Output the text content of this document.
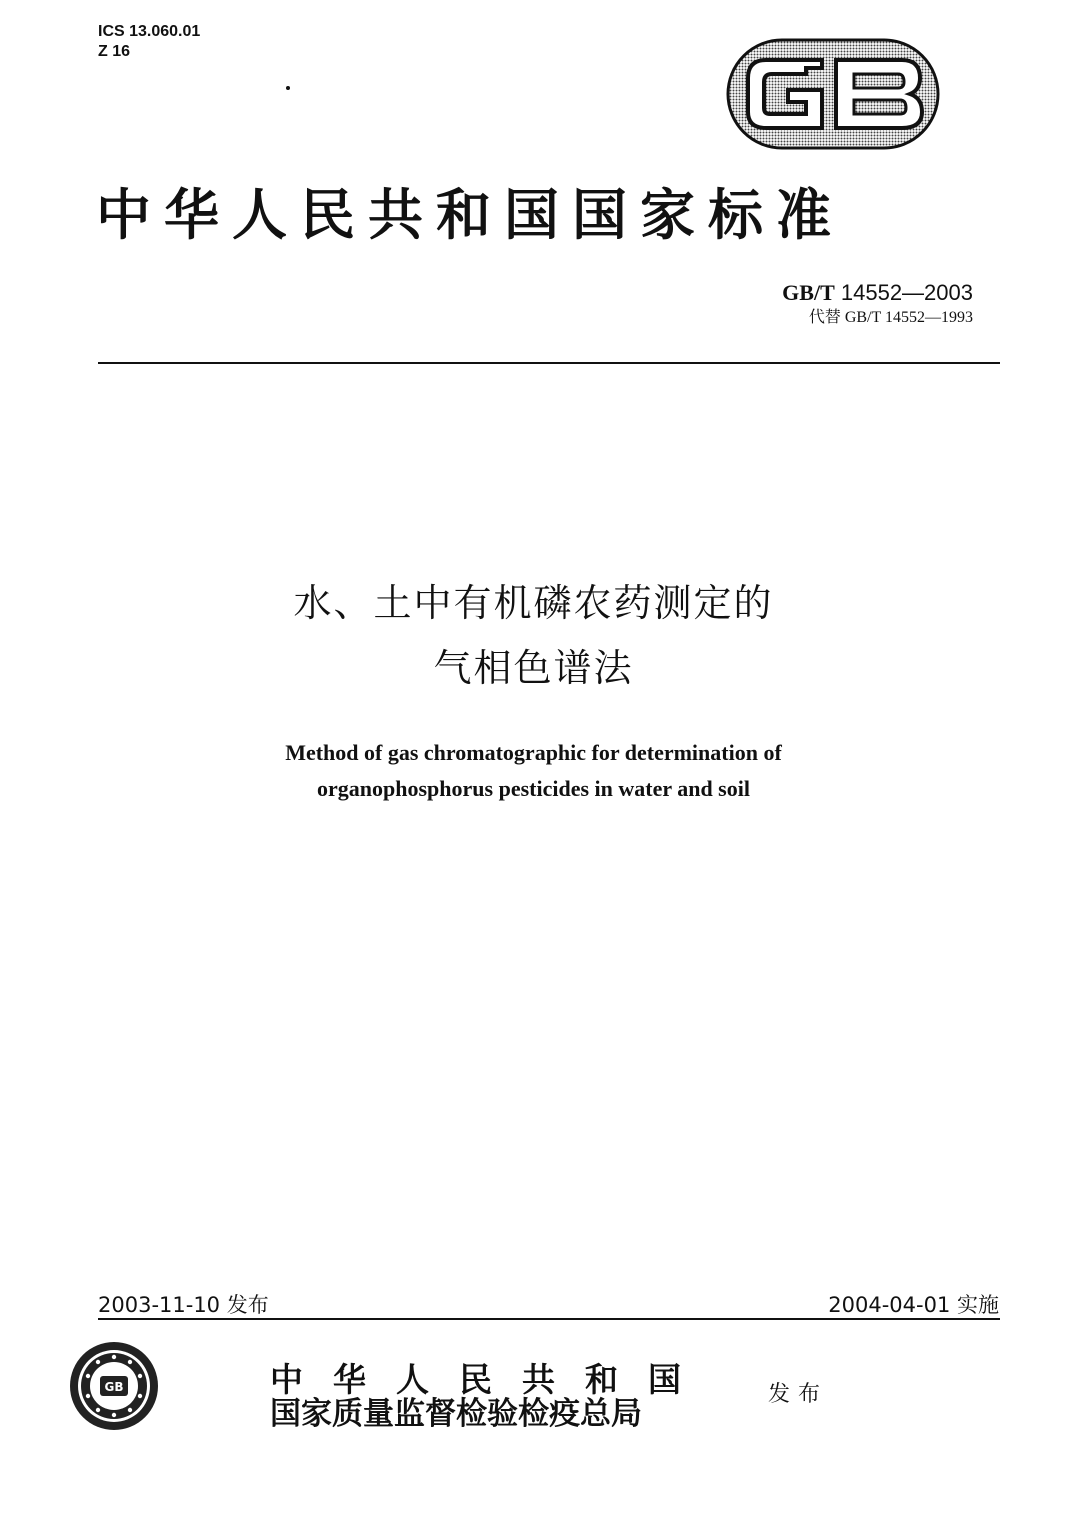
ICS 13.060.01
Z 16
中华人民共和国国家标准
GB/T 14552—2003
代替 GB/T 14552—1993
水、土中有机磷农药测定的
气相色谱法
Method of gas chromatographic for determination of
organophosphorus pesticides in water and soil
2003-11-10 发布	2004-04-01 实施
GB	中华人民共和国
国家质量监督检验检疫总局
发布
